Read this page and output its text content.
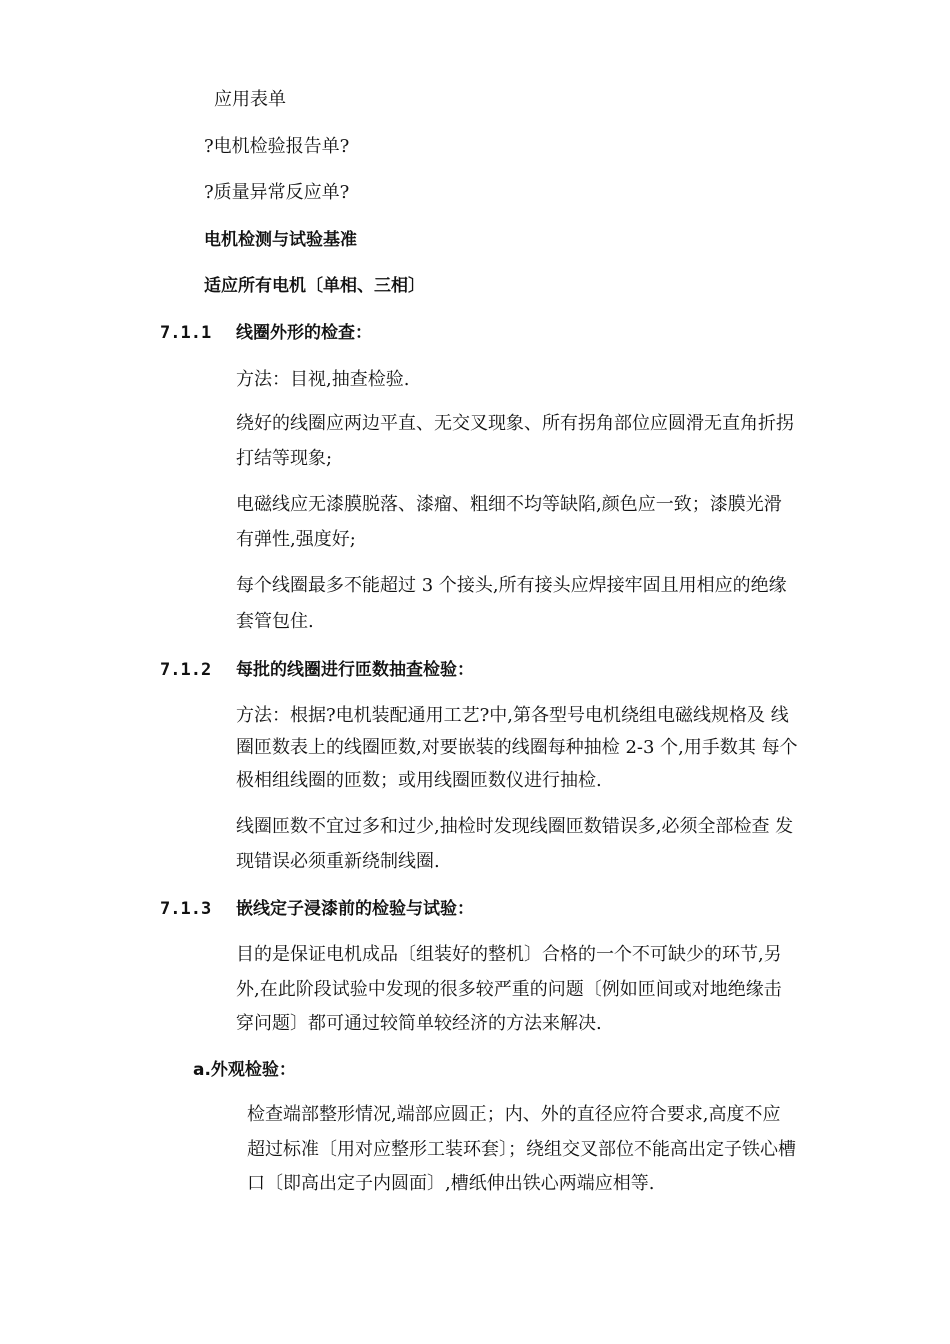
应用表单
?电机检验报告单?
?质量异常反应单?
电机检测与试验基准
适应所有电机〔单相、三相〕
7.1.1 线圈外形的检查：
方法：目视,抽查检验.
绕好的线圈应两边平直、无交叉现象、所有拐角部位应圆滑无直角折拐
打结等现象;
电磁线应无漆膜脱落、漆瘤、粗细不均等缺陷,颜色应一致；漆膜光滑
有弹性,强度好;
每个线圈最多不能超过 3 个接头,所有接头应焊接牢固且用相应的绝缘
套管包住.
7.1.2 每批的线圈进行匝数抽查检验：
方法：根据?电机装配通用工艺?中,第各型号电机绕组电磁线规格及 线
圈匝数表上的线圈匝数,对要嵌装的线圈每种抽检 2-3 个,用手数其 每个
极相组线圈的匝数；或用线圈匝数仪进行抽检.
线圈匝数不宜过多和过少,抽检时发现线圈匝数错误多,必须全部检查 发
现错误必须重新绕制线圈.
7.1.3 嵌线定子浸漆前的检验与试验：
目的是保证电机成品〔组装好的整机〕合格的一个不可缺少的环节,另
外,在此阶段试验中发现的很多较严重的问题〔例如匝间或对地绝缘击
穿问题〕都可通过较简单较经济的方法来解决.
a.外观检验：
检查端部整形情况,端部应圆正；内、外的直径应符合要求,高度不应
超过标准〔用对应整形工装环套〕；绕组交叉部位不能高出定子铁心槽
口〔即高出定子内圆面〕,槽纸伸出铁心两端应相等.
